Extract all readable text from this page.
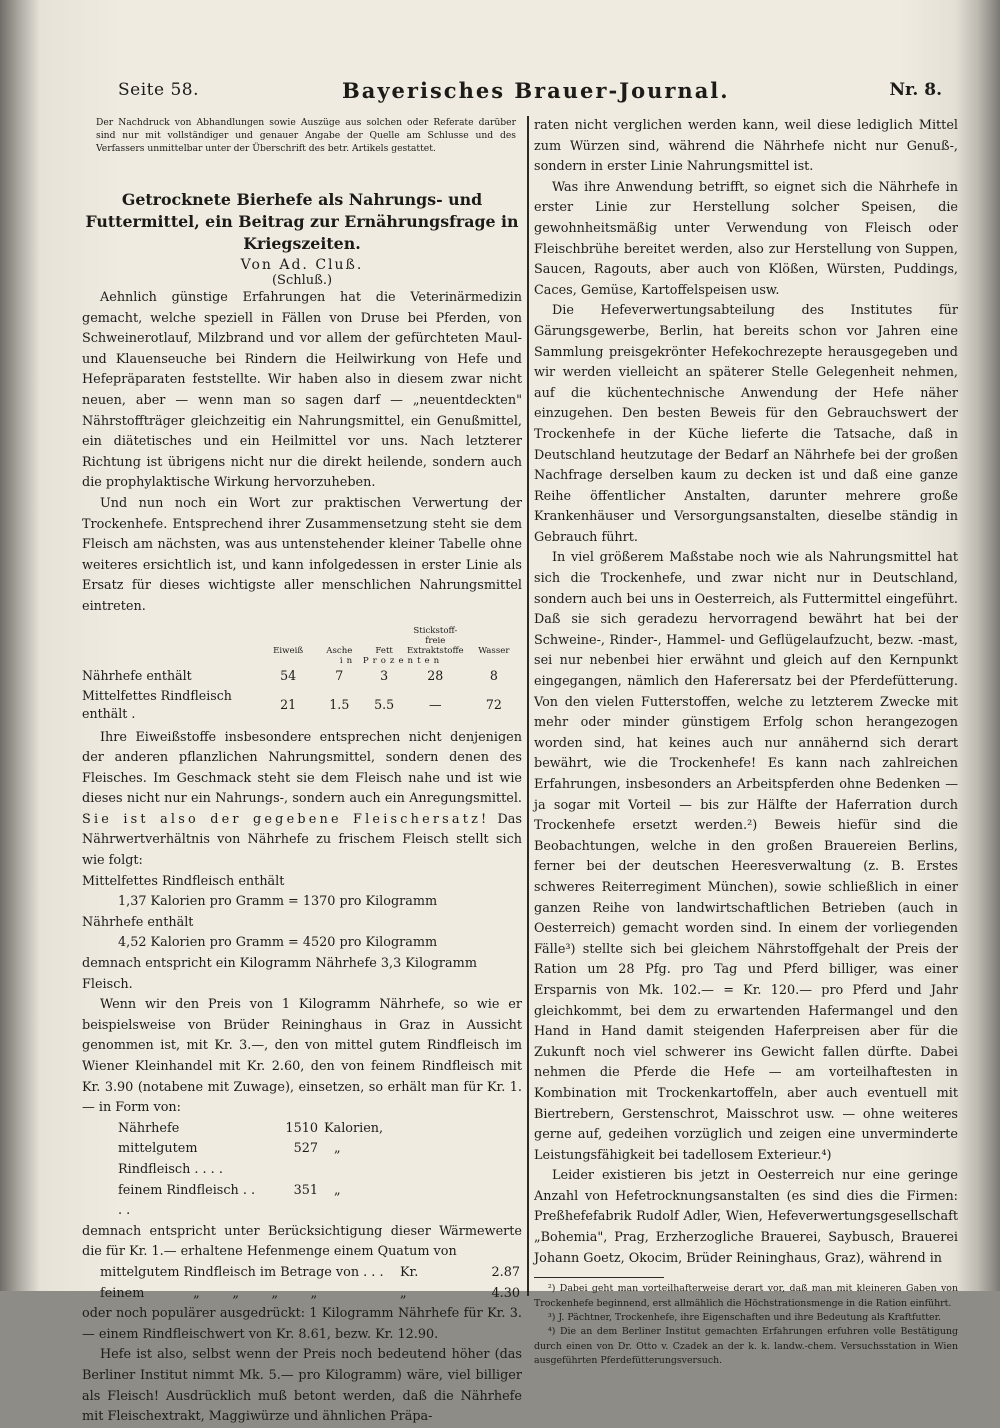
Seite 58.	Bayerisches Brauer-Journal.	Nr. 8.
Der Nachdruck von Abhandlungen sowie Auszüge aus solchen oder Referate darüber sind nur mit vollständiger und genauer Angabe der Quelle am Schlusse und des Verfassers unmittelbar unter der Überschrift des betr. Artikels gestattet.
Getrocknete Bierhefe als Nahrungs- und Futtermittel, ein Beitrag zur Ernährungsfrage in Kriegszeiten.
Von Ad. Cluß.
(Schluß.)

Aehnlich günstige Erfahrungen hat die Veterinärmedizin gemacht, welche speziell in Fällen von Druse bei Pferden, von Schweinerotlauf, Milzbrand und vor allem der gefürchteten Maul- und Klauenseuche bei Rindern die Heilwirkung von Hefe und Hefepräparaten feststellte. Wir haben also in diesem zwar nicht neuen, aber — wenn man so sagen darf — „neuentdeckten" Nährstoffträger gleichzeitig ein Nahrungsmittel, ein Genußmittel, ein diätetisches und ein Heilmittel vor uns. Nach letzterer Richtung ist übrigens nicht nur die direkt heilende, sondern auch die prophylaktische Wirkung hervorzuheben.

Und nun noch ein Wort zur praktischen Verwertung der Trockenhefe. Entsprechend ihrer Zusammensetzung steht sie dem Fleisch am nächsten, was aus untenstehender kleiner Tabelle ohne weiteres ersichtlich ist, und kann infolgedessen in erster Linie als Ersatz für dieses wichtigste aller menschlichen Nahrungsmittel eintreten.

	Eiweiß	Asche	Fett	Stickstoff-freie Extraktstoffe	Wasser
	in Prozenten				
Nährhefe enthält	54	7	3	28	8
Mittelfettes Rindfleisch enthält .	21	1.5	5.5	—	72

Ihre Eiweißstoffe insbesondere entsprechen nicht denjenigen der anderen pflanzlichen Nahrungsmittel, sondern denen des Fleisches. Im Geschmack steht sie dem Fleisch nahe und ist wie dieses nicht nur ein Nahrungs-, sondern auch ein Anregungsmittel. Sie ist also der gegebene Fleischersatz! Das Nährwertverhältnis von Nährhefe zu frischem Fleisch stellt sich wie folgt:

Mittelfettes Rindfleisch enthält
1,37 Kalorien pro Gramm = 1370 pro Kilogramm
Nährhefe enthält
4,52 Kalorien pro Gramm = 4520 pro Kilogramm
demnach entspricht ein Kilogramm Nährhefe 3,3 Kilogramm Fleisch.

Wenn wir den Preis von 1 Kilogramm Nährhefe, so wie er beispielsweise von Brüder Reininghaus in Graz in Aussicht genommen ist, mit Kr. 3.—, den von mittel gutem Rindfleisch im Wiener Kleinhandel mit Kr. 2.60, den von feinem Rindfleisch mit Kr. 3.90 (notabene mit Zuwage), einsetzen, so erhält man für Kr. 1.— in Form von:

Nährhefe	1510 Kalorien,
mittelgutem Rindfleisch . . . .
527	„
feinem Rindfleisch . . . .
351	„

demnach entspricht unter Berücksichtigung dieser Wärmewerte die für Kr. 1.— erhaltene Hefenmenge einem Quatum von

mittelgutem Rindfleisch im Betrage von . . .	Kr.	2.87
feinem            „        „        „        „	„	4.30

oder noch populärer ausgedrückt: 1 Kilogramm Nährhefe für Kr. 3.— einem Rindfleischwert von Kr. 8.61, bezw. Kr. 12.90.

Hefe ist also, selbst wenn der Preis noch bedeutend höher (das Berliner Institut nimmt Mk. 5.— pro Kilogramm) wäre, viel billiger als Fleisch! Ausdrücklich muß betont werden, daß die Nährhefe mit Fleischextrakt, Maggiwürze und ähnlichen Präpa-

raten nicht verglichen werden kann, weil diese lediglich Mittel zum Würzen sind, während die Nährhefe nicht nur Genuß-, sondern in erster Linie Nahrungsmittel ist.

Was ihre Anwendung betrifft, so eignet sich die Nährhefe in erster Linie zur Herstellung solcher Speisen, die gewohnheitsmäßig unter Verwendung von Fleisch oder Fleischbrühe bereitet werden, also zur Herstellung von Suppen, Saucen, Ragouts, aber auch von Klößen, Würsten, Puddings, Caces, Gemüse, Kartoffelspeisen usw.

Die Hefeverwertungsabteilung des Institutes für Gärungsgewerbe, Berlin, hat bereits schon vor Jahren eine Sammlung preisgekrönter Hefekochrezepte herausgegeben und wir werden vielleicht an späterer Stelle Gelegenheit nehmen, auf die küchentechnische Anwendung der Hefe näher einzugehen. Den besten Beweis für den Gebrauchswert der Trockenhefe in der Küche lieferte die Tatsache, daß in Deutschland heutzutage der Bedarf an Nährhefe bei der großen Nachfrage derselben kaum zu decken ist und daß eine ganze Reihe öffentlicher Anstalten, darunter mehrere große Krankenhäuser und Versorgungsanstalten, dieselbe ständig in Gebrauch führt.

In viel größerem Maßstabe noch wie als Nahrungsmittel hat sich die Trockenhefe, und zwar nicht nur in Deutschland, sondern auch bei uns in Oesterreich, als Futtermittel eingeführt. Daß sie sich geradezu hervorragend bewährt hat bei der Schweine-, Rinder-, Hammel- und Geflügelaufzucht, bezw. -mast, sei nur nebenbei hier erwähnt und gleich auf den Kernpunkt eingegangen, nämlich den Haferersatz bei der Pferdefütterung. Von den vielen Futterstoffen, welche zu letzterem Zwecke mit mehr oder minder günstigem Erfolg schon herangezogen worden sind, hat keines auch nur annähernd sich derart bewährt, wie die Trockenhefe! Es kann nach zahlreichen Erfahrungen, insbesonders an Arbeitspferden ohne Bedenken — ja sogar mit Vorteil — bis zur Hälfte der Haferration durch Trockenhefe ersetzt werden.²) Beweis hiefür sind die Beobachtungen, welche in den großen Brauereien Berlins, ferner bei der deutschen Heeresverwaltung (z. B. Erstes schweres Reiterregiment München), sowie schließlich in einer ganzen Reihe von landwirtschaftlichen Betrieben (auch in Oesterreich) gemacht worden sind. In einem der vorliegenden Fälle³) stellte sich bei gleichem Nährstoffgehalt der Preis der Ration um 28 Pfg. pro Tag und Pferd billiger, was einer Ersparnis von Mk. 102.— = Kr. 120.— pro Pferd und Jahr gleichkommt, bei dem zu erwartenden Hafermangel und den Hand in Hand damit steigenden Haferpreisen aber für die Zukunft noch viel schwerer ins Gewicht fallen dürfte. Dabei nehmen die Pferde die Hefe — am vorteilhaftesten in Kombination mit Trockenkartoffeln, aber auch eventuell mit Biertrebern, Gerstenschrot, Maisschrot usw. — ohne weiteres gerne auf, gedeihen vorzüglich und zeigen eine unverminderte Leistungsfähigkeit bei tadellosem Exterieur.⁴)

Leider existieren bis jetzt in Oesterreich nur eine geringe Anzahl von Hefetrocknungsanstalten (es sind dies die Firmen: Preßhefefabrik Rudolf Adler, Wien, Hefeverwertungsgesellschaft „Bohemia", Prag, Erzherzogliche Brauerei, Saybusch, Brauerei Johann Goetz, Okocim, Brüder Reininghaus, Graz), während in

²) Dabei geht man vorteilhafterweise derart vor, daß man mit kleineren Gaben von Trockenhefe beginnend, erst allmählich die Höchstrationsmenge in die Ration einführt.

³) J. Pächtner, Trockenhefe, ihre Eigenschaften und ihre Bedeutung als Kraftfutter.

⁴) Die an dem Berliner Institut gemachten Erfahrungen erfuhren volle Bestätigung durch einen von Dr. Otto v. Czadek an der k. k. landw.-chem. Versuchsstation in Wien ausgeführten Pferdefütterungsversuch.
